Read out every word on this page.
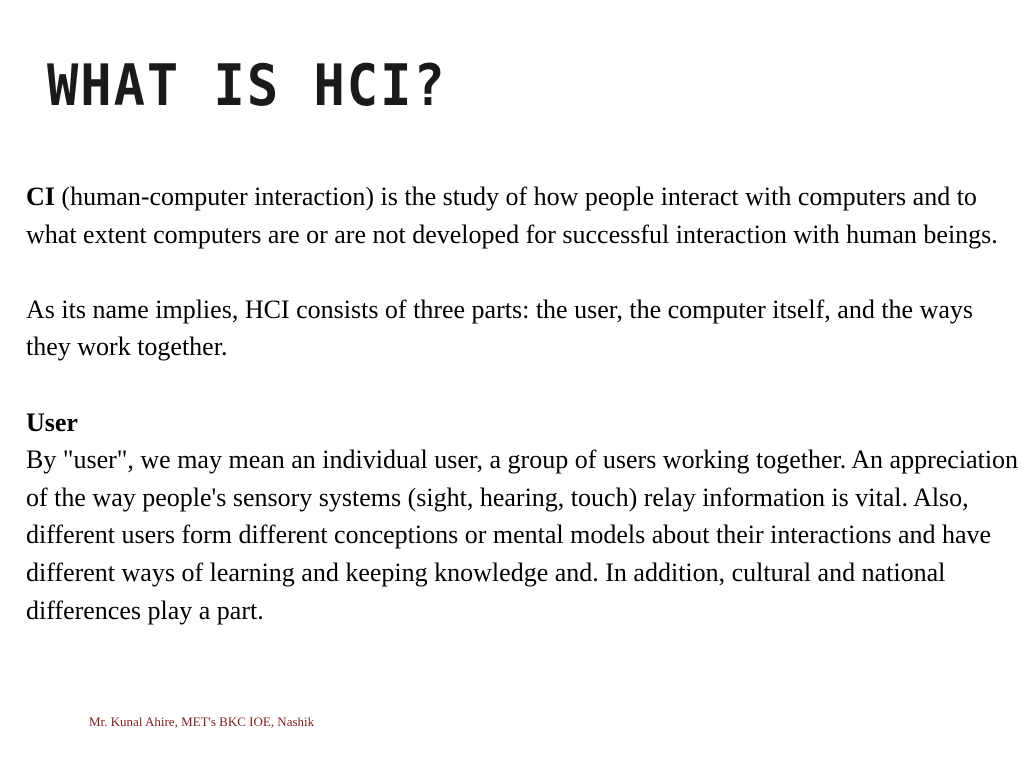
WHAT IS HCI?

CI (human-computer interaction) is the study of how people interact with computers and to what extent computers are or are not developed for successful interaction with human beings.

As its name implies, HCI consists of three parts: the user, the computer itself, and the ways they work together.

User

By "user", we may mean an individual user, a group of users working together. An appreciation of the way people's sensory systems (sight, hearing, touch) relay information is vital. Also, different users form different conceptions or mental models about their interactions and have different ways of learning and keeping knowledge and. In addition, cultural and national differences play a part.

Mr. Kunal Ahire, MET's BKC IOE, Nashik
